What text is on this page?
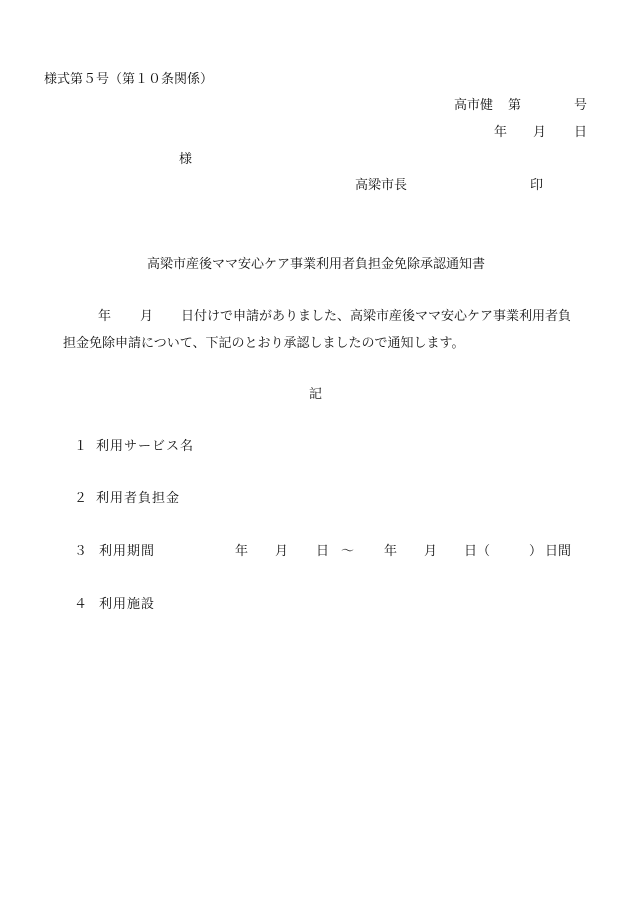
様式第５号（第１０条関係）
高市健 第	号
年 月 日
様
高梁市長	印
高梁市産後ママ安心ケア事業利用者負担金免除承認通知書
年 月 日付けで申請がありました、高梁市産後ママ安心ケア事業利用者負
担金免除申請について、下記のとおり承認しましたので通知します。
記
１ 利用サービス名
２ 利用者負担金
３ 利用期間	年 月 日 ～ 年 月 日 （	） 日間
４ 利用施設
